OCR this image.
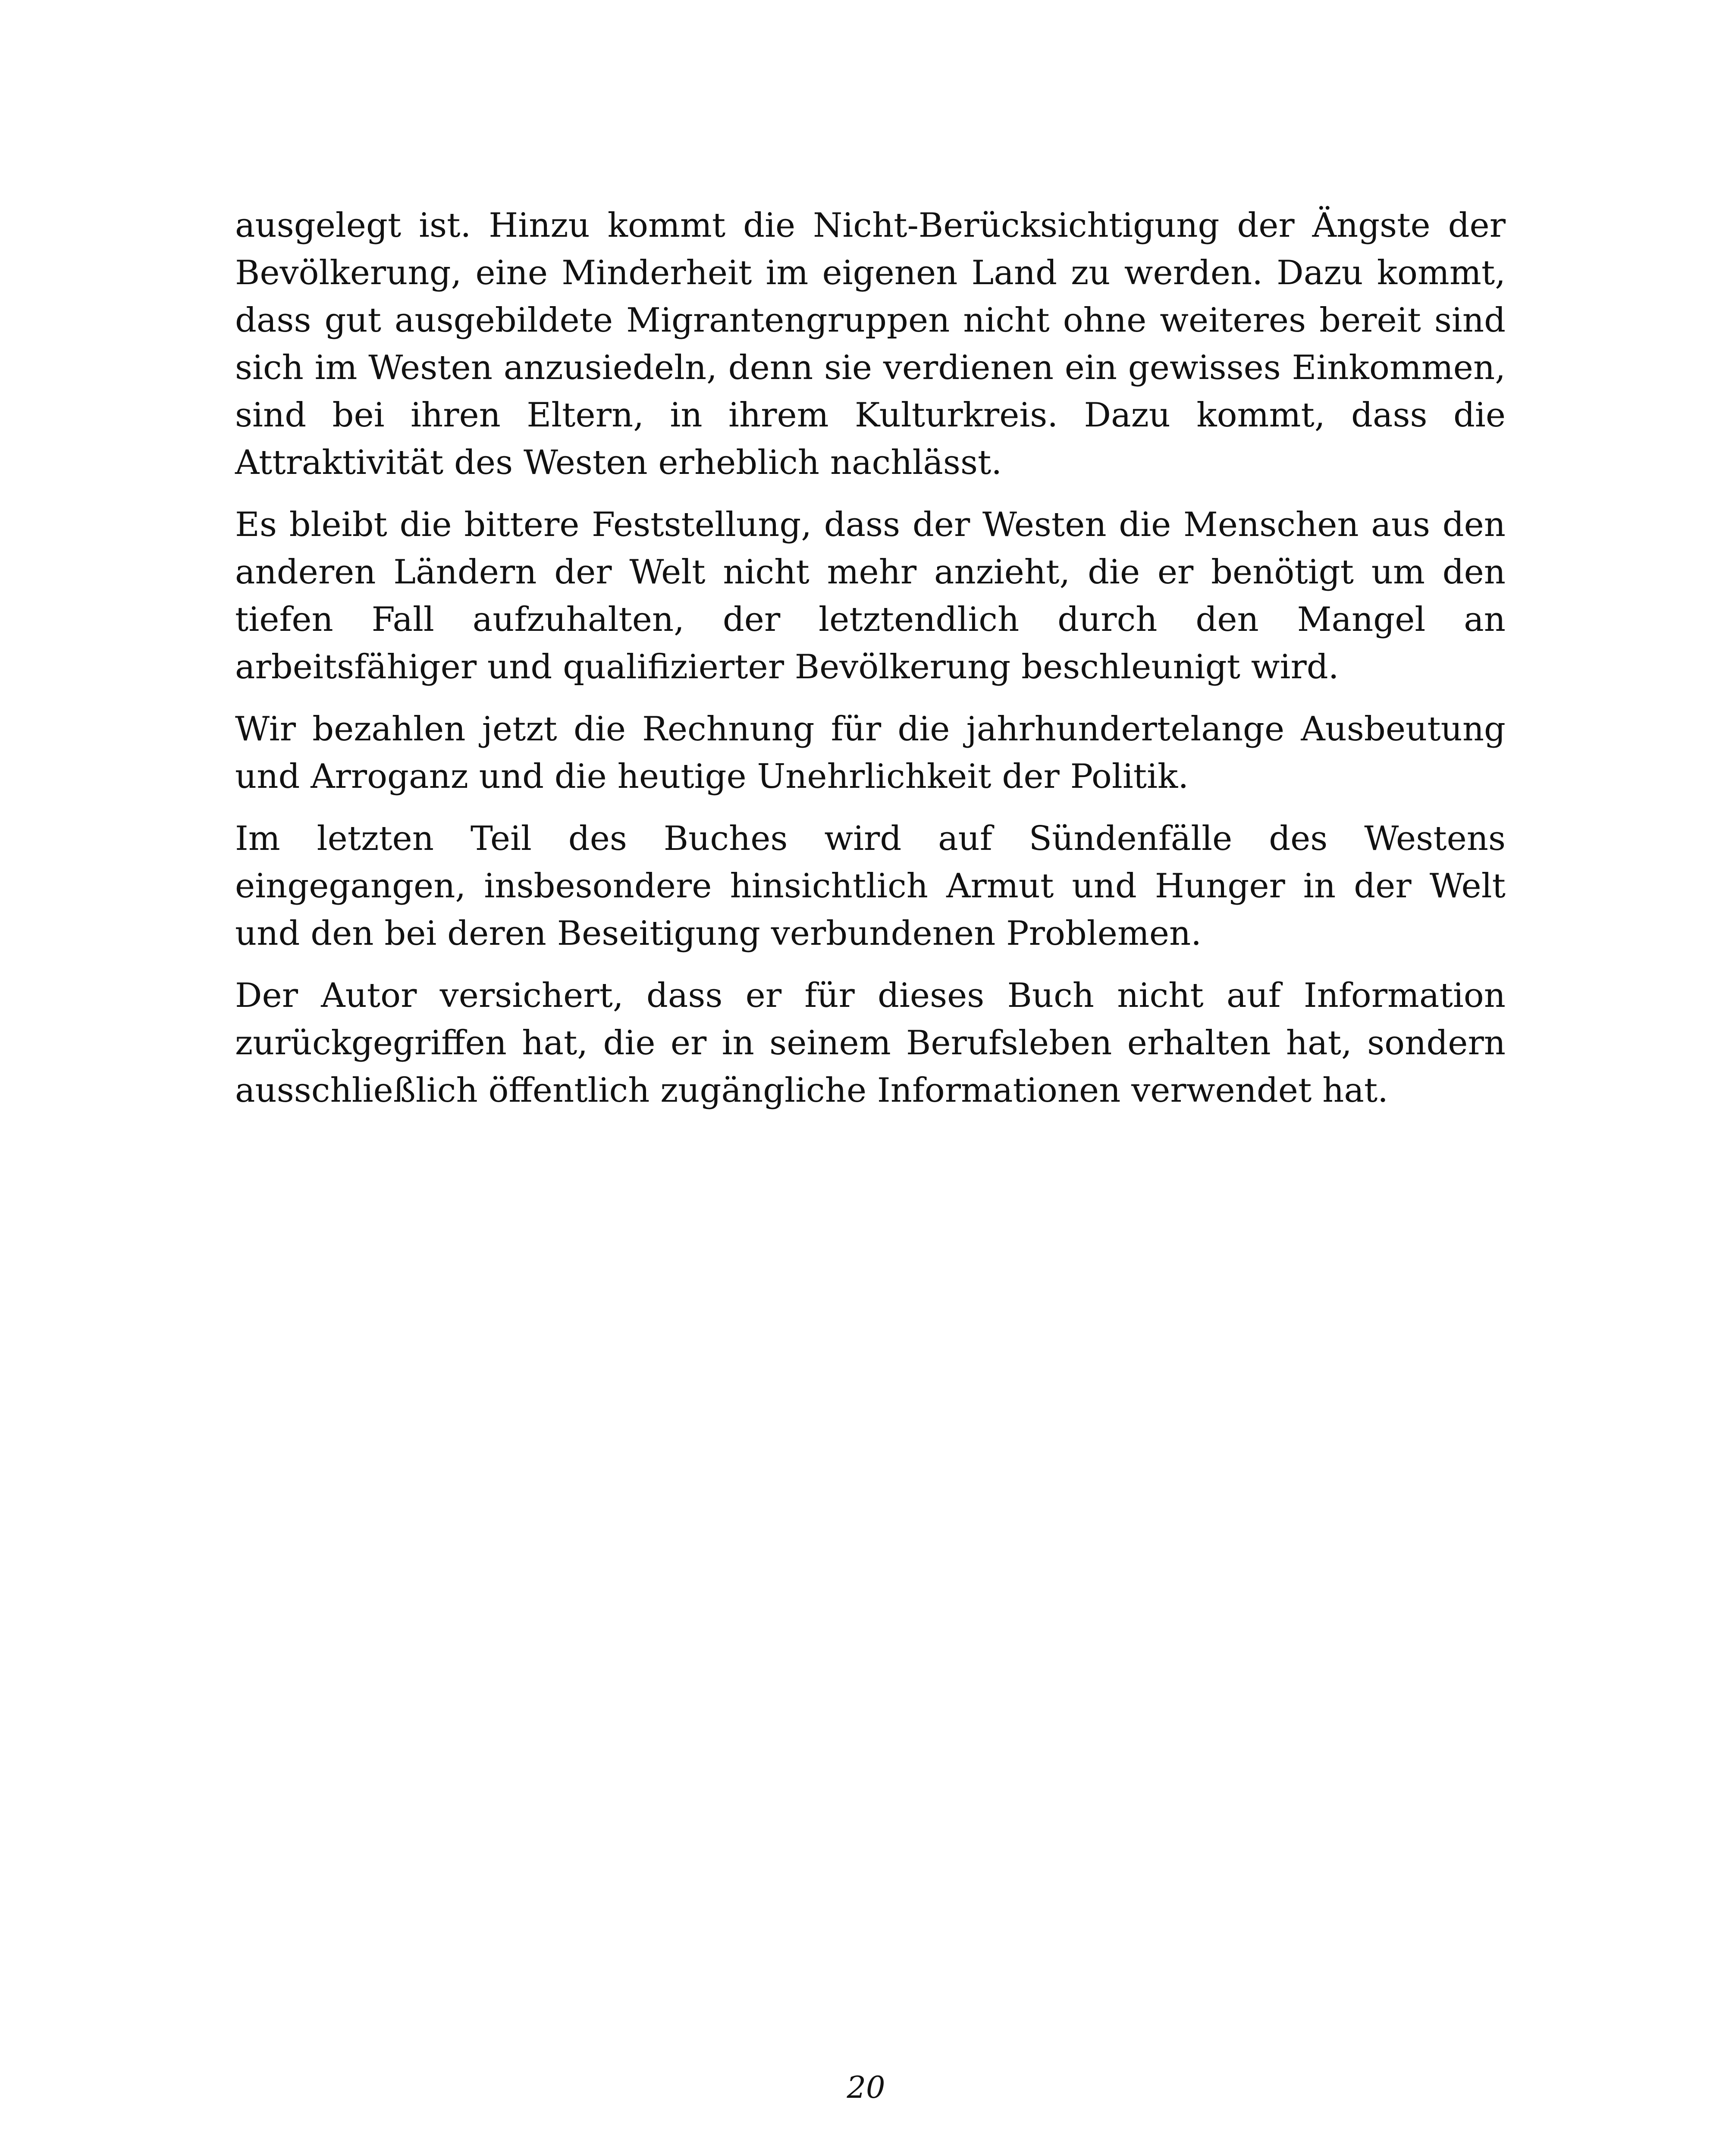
ausgelegt ist. Hinzu kommt die Nicht-Berücksichtigung der Ängste der Bevölkerung, eine Minderheit im eigenen Land zu werden. Dazu kommt, dass gut ausgebildete Migrantengruppen nicht ohne weiteres bereit sind sich im Westen anzusiedeln, denn sie verdienen ein gewisses Einkommen, sind bei ihren Eltern, in ihrem Kulturkreis. Dazu kommt, dass die Attraktivität des Westen erheblich nachlässt.

Es bleibt die bittere Feststellung, dass der Westen die Menschen aus den anderen Ländern der Welt nicht mehr anzieht, die er benötigt um den tiefen Fall aufzuhalten, der letztendlich durch den Mangel an arbeitsfähiger und qualifizierter Bevölkerung beschleunigt wird.

Wir bezahlen jetzt die Rechnung für die jahrhundertelange Ausbeutung und Arroganz und die heutige Unehrlichkeit der Politik.

Im letzten Teil des Buches wird auf Sündenfälle des Westens eingegangen, insbesondere hinsichtlich Armut und Hunger in der Welt und den bei deren Beseitigung verbundenen Problemen.

Der Autor versichert, dass er für dieses Buch nicht auf Information zurückgegriffen hat, die er in seinem Berufsleben erhalten hat, sondern ausschließlich öffentlich zugängliche Informationen verwendet hat.

20
